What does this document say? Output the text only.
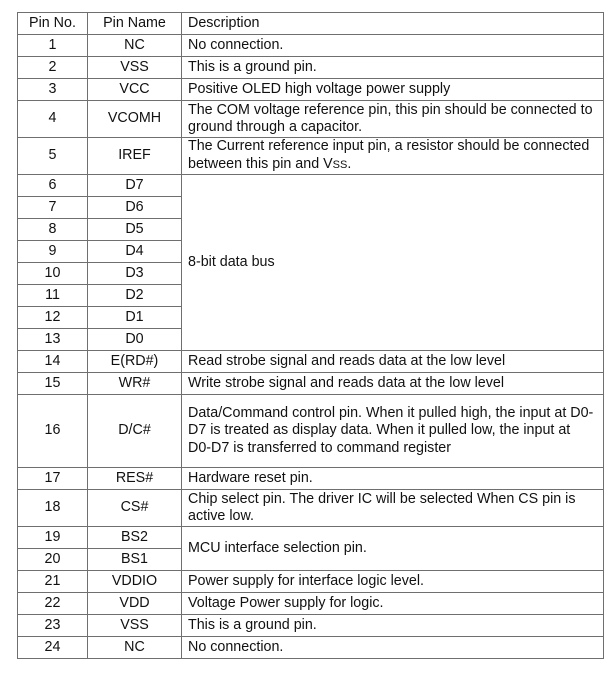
Pin No.	Pin Name	Description
1	NC	No connection.
2	VSS	This is a ground pin.
3	VCC	Positive OLED high voltage power supply
4	VCOMH	The COM voltage reference pin, this pin should be connected to ground through a capacitor.
5	IREF	The Current reference input pin, a resistor should be connected between this pin and VSS.
6	D7	8-bit data bus
7	D6	
8	D5	
9	D4	
10	D3	
11	D2	
12	D1	
13	D0	
14	E(RD#)	Read strobe signal and reads data at the low level
15	WR#	Write strobe signal and reads data at the low level
16	D/C#	Data/Command control pin. When it pulled high, the input at D0-D7 is treated as display data. When it pulled low, the input at D0-D7 is transferred to command register
17	RES#	Hardware reset pin.
18	CS#	Chip select pin. The driver IC will be selected When CS pin is active low.
19	BS2	MCU interface selection pin.
20	BS1	
21	VDDIO	Power supply for interface logic level.
22	VDD	Voltage Power supply for logic.
23	VSS	This is a ground pin.
24	NC	No connection.
